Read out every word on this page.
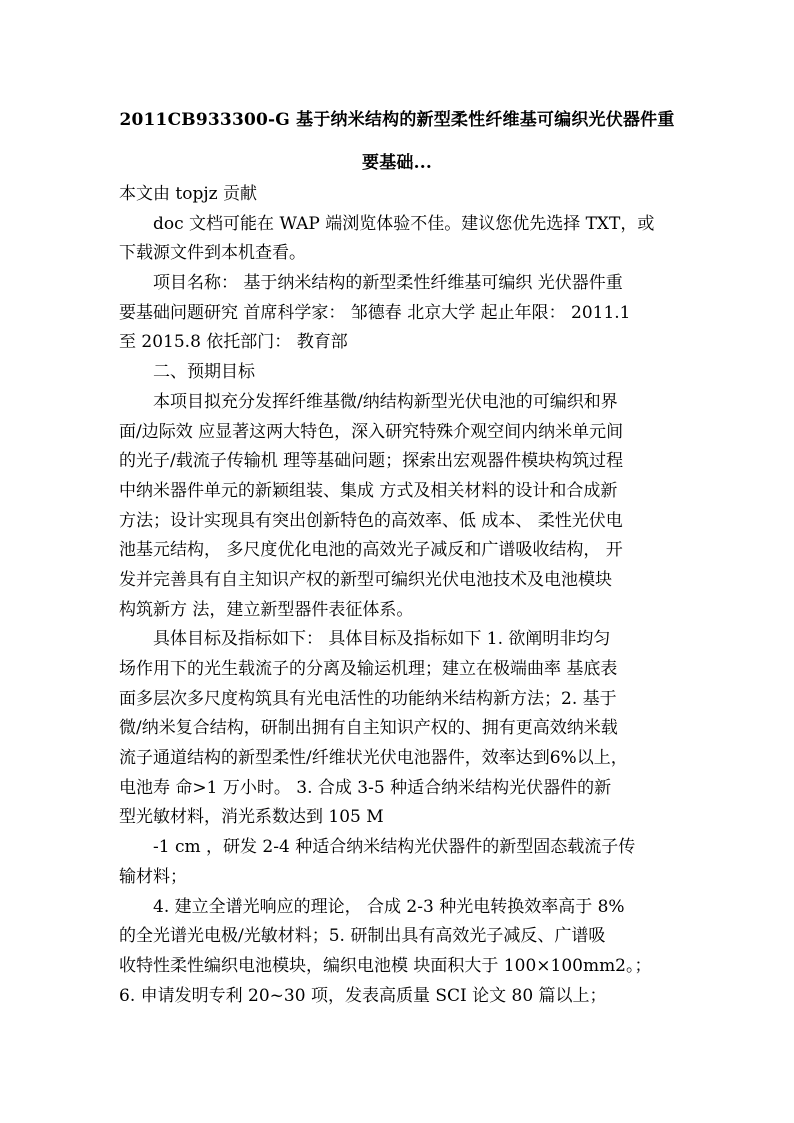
2011CB933300-G 基于纳米结构的新型柔性纤维基可编织光伏器件重
要基础...
本文由 topjz 贡献
doc 文档可能在 WAP 端浏览体验不佳。建议您优先选择 TXT，或
下载源文件到本机查看。
项目名称： 基于纳米结构的新型柔性纤维基可编织 光伏器件重
要基础问题研究 首席科学家： 邹德春 北京大学 起止年限： 2011.1
至 2015.8 依托部门： 教育部
二、预期目标
本项目拟充分发挥纤维基微/纳结构新型光伏电池的可编织和界
面/边际效 应显著这两大特色，深入研究特殊介观空间内纳米单元间
的光子/载流子传输机 理等基础问题；探索出宏观器件模块构筑过程
中纳米器件单元的新颖组装、集成 方式及相关材料的设计和合成新
方法；设计实现具有突出创新特色的高效率、低 成本、 柔性光伏电
池基元结构， 多尺度优化电池的高效光子减反和广谱吸收结构， 开
发并完善具有自主知识产权的新型可编织光伏电池技术及电池模块
构筑新方 法，建立新型器件表征体系。
具体目标及指标如下： 具体目标及指标如下 1. 欲阐明非均匀
场作用下的光生载流子的分离及输运机理；建立在极端曲率 基底表
面多层次多尺度构筑具有光电活性的功能纳米结构新方法；2. 基于
微/纳米复合结构，研制出拥有自主知识产权的、拥有更高效纳米载
流子通道结构的新型柔性/纤维状光伏电池器件，效率达到6%以上，
电池寿 命>1 万小时。 3. 合成 3-5 种适合纳米结构光伏器件的新
型光敏材料，消光系数达到 105 M
-1 cm ，研发 2-4 种适合纳米结构光伏器件的新型固态载流子传
输材料；
4. 建立全谱光响应的理论， 合成 2-3 种光电转换效率高于 8%
的全光谱光电极/光敏材料；5. 研制出具有高效光子减反、广谱吸
收特性柔性编织电池模块，编织电池模 块面积大于 100×100mm2。；
6. 申请发明专利 20~30 项，发表高质量 SCI 论文 80 篇以上；
